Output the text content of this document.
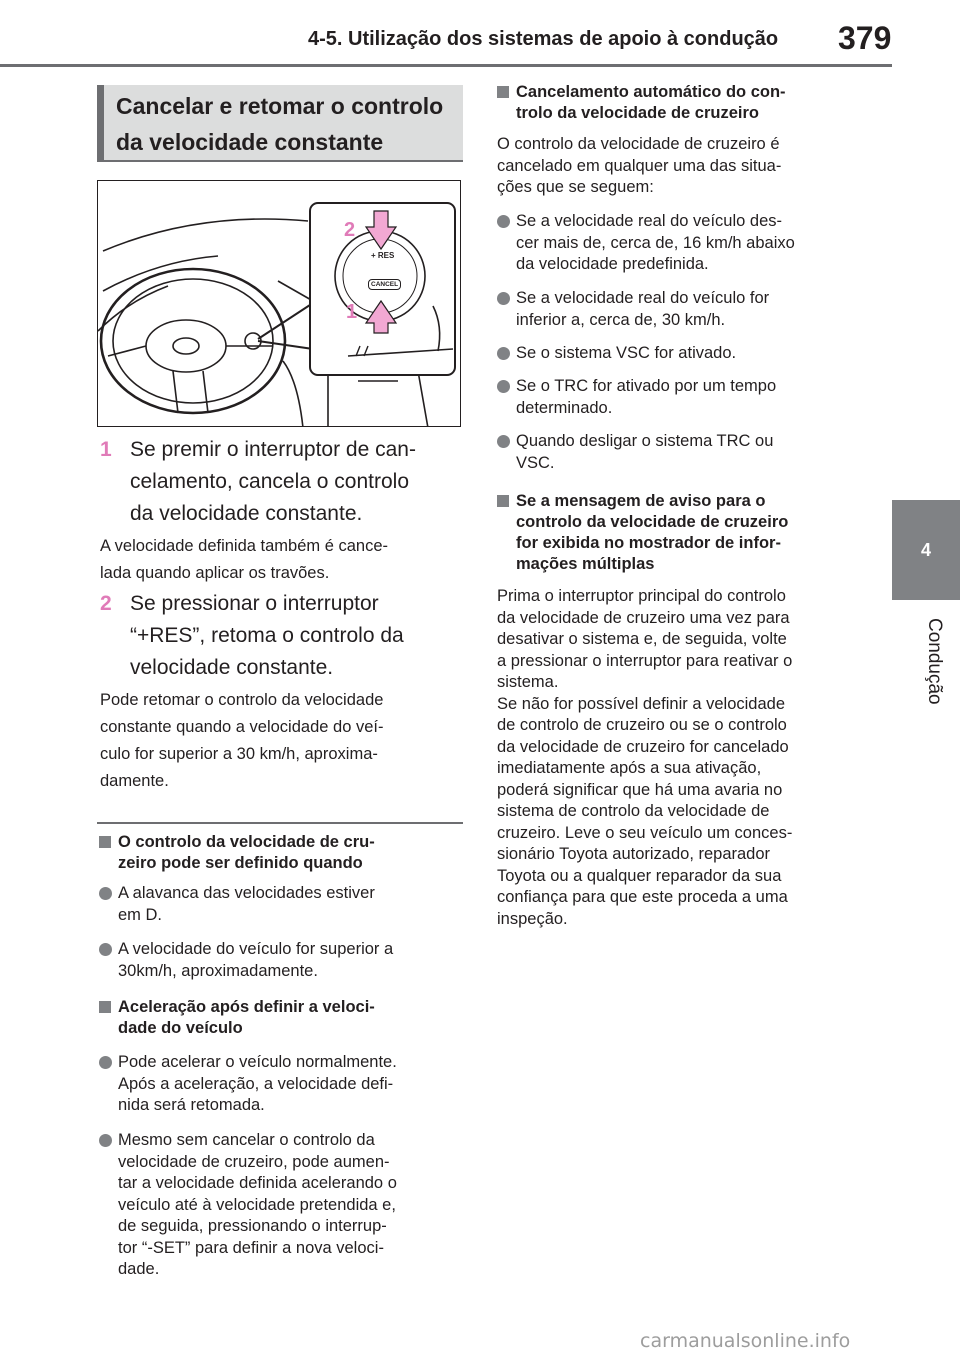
4-5. Utilização dos sistemas de apoio à condução 379
4
Condução
Cancelar e retomar o controlo
da velocidade constante
+ RES
CANCEL
2
1
1 Se premir o interruptor de can-
celamento, cancela o controlo
da velocidade constante.
A velocidade definida também é cance-
lada quando aplicar os travões.
2 Se pressionar o interruptor
“+RES”, retoma o controlo da
velocidade constante.
Pode retomar o controlo da velocidade
constante quando a velocidade do veí-
culo for superior a 30 km/h, aproxima-
damente.
O controlo da velocidade de cru-
zeiro pode ser definido quando
A alavanca das velocidades estiver
em D.
A velocidade do veículo for superior a
30km/h, aproximadamente.
Aceleração após definir a veloci-
dade do veículo
Pode acelerar o veículo normalmente.
Após a aceleração, a velocidade defi-
nida será retomada.
Mesmo sem cancelar o controlo da
velocidade de cruzeiro, pode aumen-
tar a velocidade definida acelerando o
veículo até à velocidade pretendida e,
de seguida, pressionando o interrup-
tor “-SET” para definir a nova veloci-
dade.
Cancelamento automático do con-
trolo da velocidade de cruzeiro
O controlo da velocidade de cruzeiro é
cancelado em qualquer uma das situa-
ções que se seguem:
Se a velocidade real do veículo des-
cer mais de, cerca de, 16 km/h abaixo
da velocidade predefinida.
Se a velocidade real do veículo for
inferior a, cerca de, 30 km/h.
Se o sistema VSC for ativado.
Se o TRC for ativado por um tempo
determinado.
Quando desligar o sistema TRC ou
VSC.
Se a mensagem de aviso para o
controlo da velocidade de cruzeiro
for exibida no mostrador de infor-
mações múltiplas
Prima o interruptor principal do controlo
da velocidade de cruzeiro uma vez para
desativar o sistema e, de seguida, volte
a pressionar o interruptor para reativar o
sistema.
Se não for possível definir a velocidade
de controlo de cruzeiro ou se o controlo
da velocidade de cruzeiro for cancelado
imediatamente após a sua ativação,
poderá significar que há uma avaria no
sistema de controlo da velocidade de
cruzeiro. Leve o seu veículo um conces-
sionário Toyota autorizado, reparador
Toyota ou a qualquer reparador da sua
confiança para que este proceda a uma
inspeção.
carmanualsonline.info
